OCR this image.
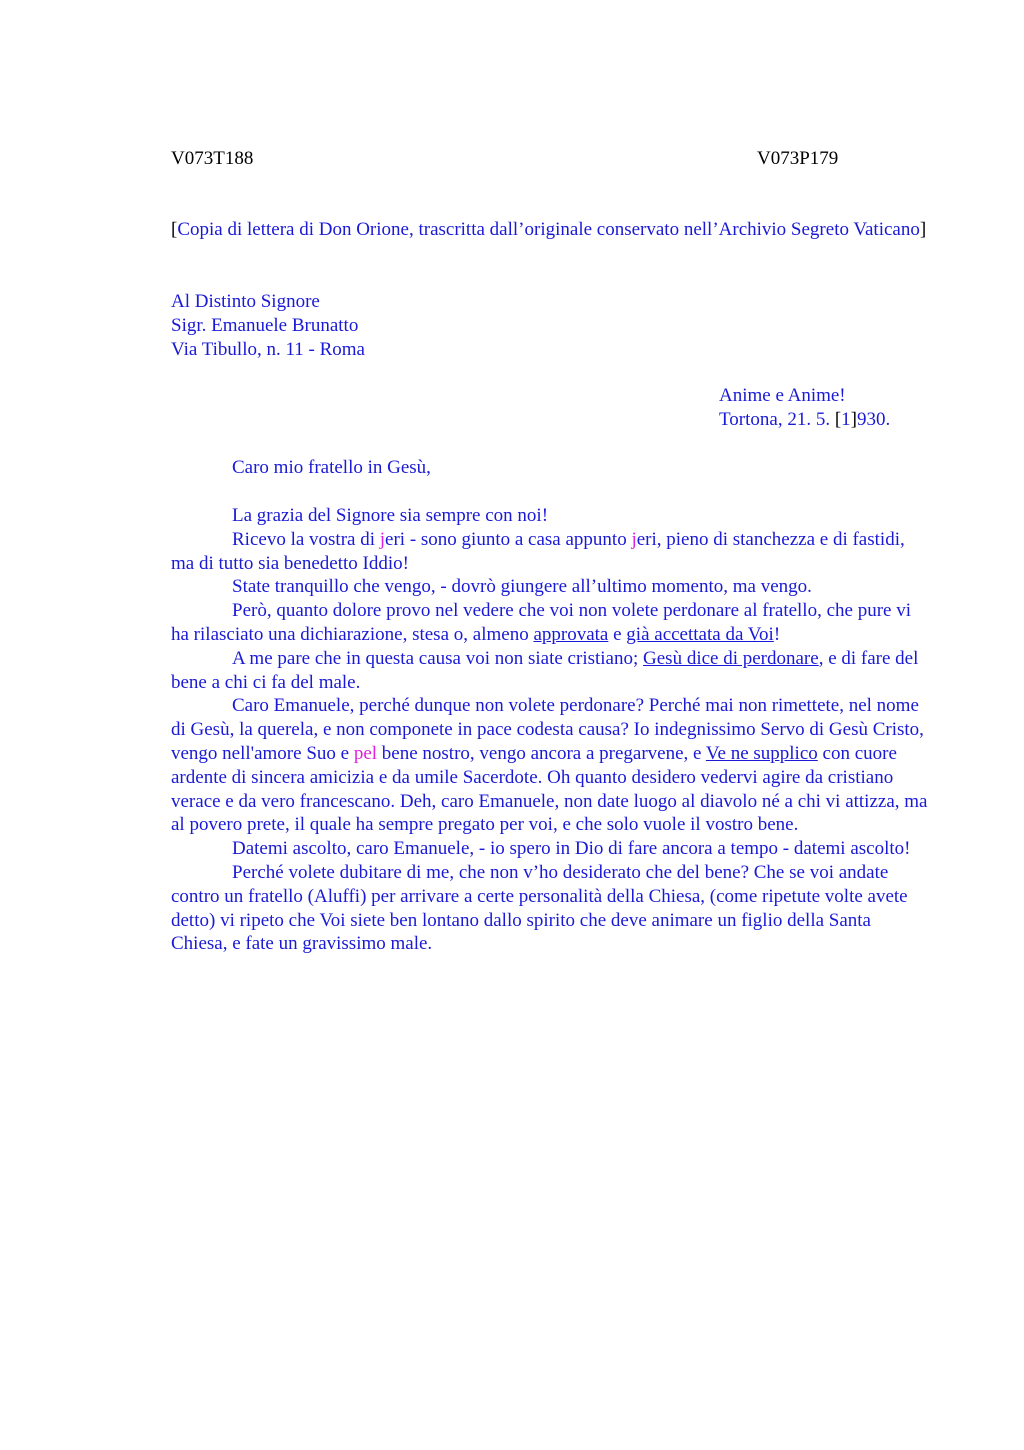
V073T188	V073P179
[Copia di lettera di Don Orione, trascritta dall’originale conservato nell’Archivio Segreto Vaticano]
Al Distinto Signore
Sigr. Emanuele Brunatto
Via Tibullo, n. 11 - Roma
Anime e Anime!
Tortona, 21. 5. [1]930.
Caro mio fratello in Gesù,
La grazia del Signore sia sempre con noi!
Ricevo la vostra di jeri - sono giunto a casa appunto jeri, pieno di stanchezza e di fastidi, ma di tutto sia benedetto Iddio!
State tranquillo che vengo, - dovrò giungere all’ultimo momento, ma vengo.
Però, quanto dolore provo nel vedere che voi non volete perdonare al fratello, che pure vi ha rilasciato una dichiarazione, stesa o, almeno approvata e già accettata da Voi!
A me pare che in questa causa voi non siate cristiano; Gesù dice di perdonare, e di fare del bene a chi ci fa del male.
Caro Emanuele, perché dunque non volete perdonare? Perché mai non rimettete, nel nome di Gesù, la querela, e non componete in pace codesta causa? Io indegnissimo Servo di Gesù Cristo, vengo nell'amore Suo e pel bene nostro, vengo ancora a pregarvene, e Ve ne supplico con cuore ardente di sincera amicizia e da umile Sacerdote. Oh quanto desidero vedervi agire da cristiano verace e da vero francescano. Deh, caro Emanuele, non date luogo al diavolo né a chi vi attizza, ma al povero prete, il quale ha sempre pregato per voi, e che solo vuole il vostro bene.
Datemi ascolto, caro Emanuele, - io spero in Dio di fare ancora a tempo - datemi ascolto!
Perché volete dubitare di me, che non v’ho desiderato che del bene? Che se voi andate contro un fratello (Aluffi) per arrivare a certe personalità della Chiesa, (come ripetute volte avete detto) vi ripeto che Voi siete ben lontano dallo spirito che deve animare un figlio della Santa Chiesa, e fate un gravissimo male.
